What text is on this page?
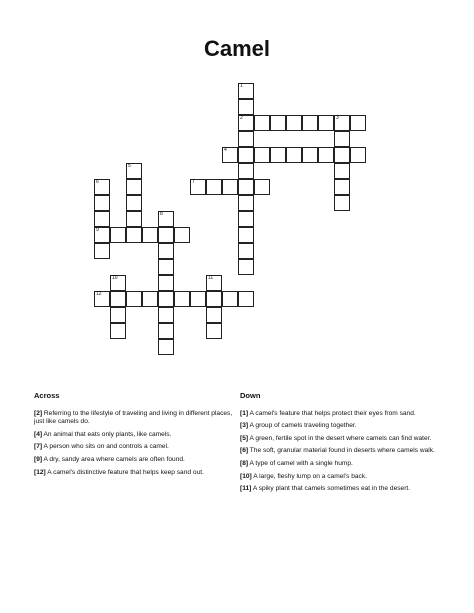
Camel
2	3
4
7
9
12
1
5
6
8
10	11
Across
[2] Referring to the lifestyle of traveling and living in different places, just like camels do.
[4] An animal that eats only plants, like camels.
[7] A person who sits on and controls a camel.
[9] A dry, sandy area where camels are often found.
[12] A camel's distinctive feature that helps keep sand out.
Down
[1] A camel's feature that helps protect their eyes from sand.
[3] A group of camels traveling together.
[5] A green, fertile spot in the desert where camels can find water.
[6] The soft, granular material found in deserts where camels walk.
[8] A type of camel with a single hump.
[10] A large, fleshy lump on a camel's back.
[11] A spiky plant that camels sometimes eat in the desert.
